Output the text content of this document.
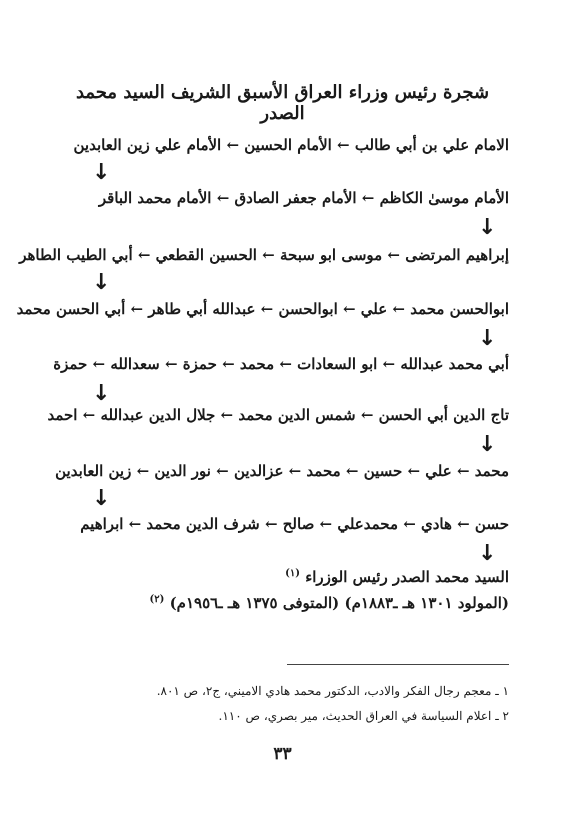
شجرة رئيس وزراء العراق الأسبق الشريف السيد محمد الصدر
الامام علي بن أبي طالب ← الأمام الحسين ← الأمام علي زين العابدين
↓
الأمام موسىٰ الكاظم ← الأمام جعفر الصادق ← الأمام محمد الباقر
↓
إبراهيم المرتضى ← موسى ابو سبحة ← الحسين القطعي ← أبي الطيب الطاهر
↓
ابوالحسن محمد ← علي ← ابوالحسن ← عبدالله أبي طاهر ← أبي الحسن محمد
↓
أبي محمد عبدالله ← ابو السعادات ← محمد ← حمزة ← سعدالله ← حمزة
↓
تاج الدين أبي الحسن ← شمس الدين محمد ← جلال الدين عبدالله ← احمد
↓
محمد ← علي ← حسين ← محمد ← عزالدين ← نور الدين ← زين العابدين
↓
حسن ← هادي ← محمدعلي ← صالح ← شرف الدين محمد ← ابراهيم
↓
السيد محمد الصدر رئيس الوزراء $^{(١)}$
(المولود ١٣٠١ هـ ـ١٨٨٣م) (المتوفى ١٣٧٥ هـ ـ١٩٥٦م) $^{(٢)}$
١ ـ معجم رجال الفكر والادب، الدكتور محمد هادي الاميني، ج٢، ص ٨٠١.
٢ ـ اعلام السياسة في العراق الحديث، مير بصري، ص ١١٠.
٣٣
